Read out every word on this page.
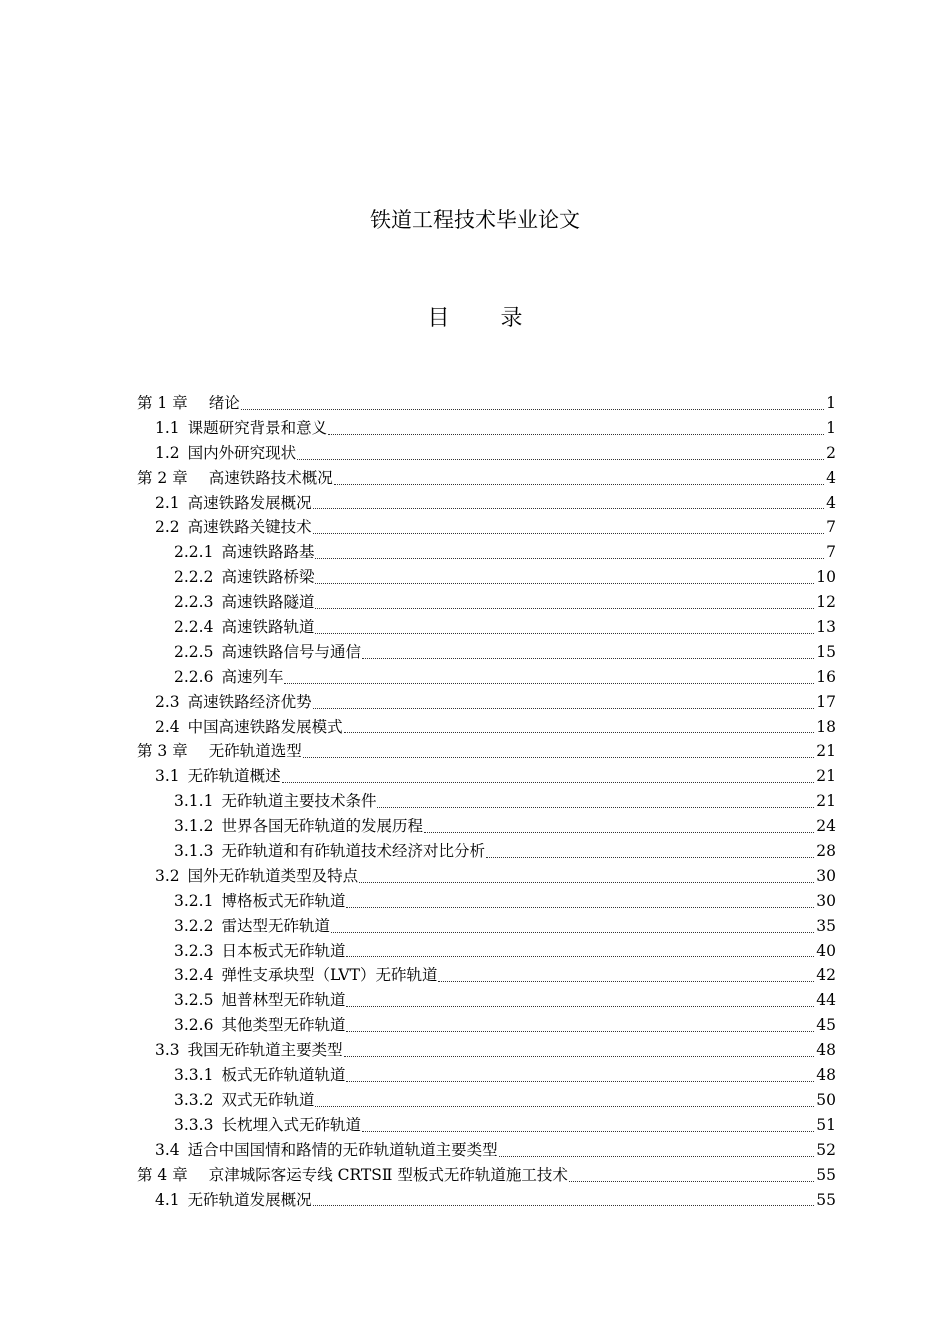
铁道工程技术毕业论文
目 录
第 1 章	绪论	1
1.1 课题研究背景和意义	1
1.2 国内外研究现状	2
第 2 章	高速铁路技术概况	4
2.1 高速铁路发展概况	4
2.2 高速铁路关键技术	7
2.2.1 高速铁路路基	7
2.2.2 高速铁路桥梁	10
2.2.3 高速铁路隧道	12
2.2.4 高速铁路轨道	13
2.2.5 高速铁路信号与通信	15
2.2.6 高速列车	16
2.3 高速铁路经济优势	17
2.4 中国高速铁路发展模式	18
第 3 章	无砟轨道选型	21
3.1 无砟轨道概述	21
3.1.1 无砟轨道主要技术条件	21
3.1.2 世界各国无砟轨道的发展历程	24
3.1.3 无砟轨道和有砟轨道技术经济对比分析	28
3.2 国外无砟轨道类型及特点	30
3.2.1 博格板式无砟轨道	30
3.2.2 雷达型无砟轨道	35
3.2.3 日本板式无砟轨道	40
3.2.4 弹性支承块型（LVT）无砟轨道	42
3.2.5 旭普林型无砟轨道	44
3.2.6 其他类型无砟轨道	45
3.3 我国无砟轨道主要类型	48
3.3.1 板式无砟轨道轨道	48
3.3.2 双式无砟轨道	50
3.3.3 长枕埋入式无砟轨道	51
3.4 适合中国国情和路情的无砟轨道轨道主要类型	52
第 4 章	京津城际客运专线 CRTSⅡ 型板式无砟轨道施工技术	55
4.1 无砟轨道发展概况	55
